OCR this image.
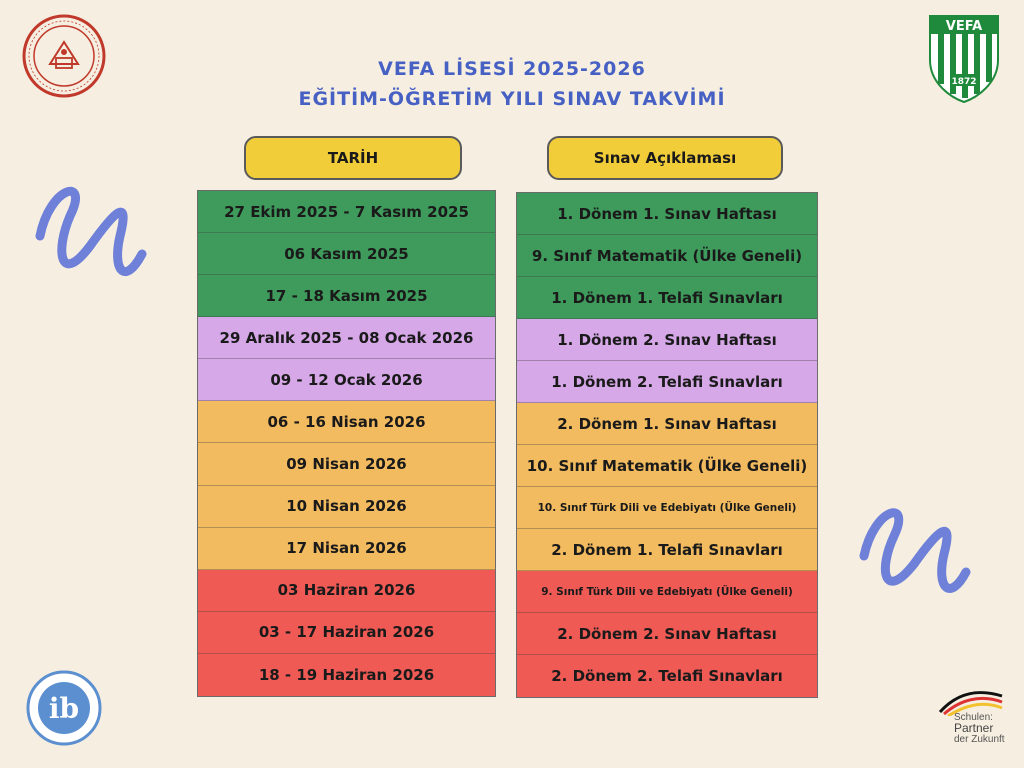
VEFA LİSESİ 2025-2026
EĞİTİM-ÖĞRETİM YILI SINAV TAKVİMİ
VEFA
1872
ib	Schulen:
Partner
der Zukunft
TARİH	Sınav Açıklaması
27 Ekim 2025 - 7 Kasım 2025
06 Kasım 2025
17 - 18 Kasım 2025
29 Aralık 2025 - 08 Ocak 2026
09 - 12 Ocak 2026
06 - 16 Nisan 2026
09 Nisan 2026
10 Nisan 2026
17 Nisan 2026
03 Haziran 2026
03 - 17 Haziran 2026
18 - 19 Haziran 2026
1. Dönem 1. Sınav Haftası
9. Sınıf Matematik (Ülke Geneli)
1. Dönem 1. Telafi Sınavları
1. Dönem 2. Sınav Haftası
1. Dönem 2. Telafi Sınavları
2. Dönem 1. Sınav Haftası
10. Sınıf Matematik (Ülke Geneli)
10. Sınıf Türk Dili ve Edebiyatı (Ülke Geneli)
2. Dönem 1. Telafi Sınavları
9. Sınıf Türk Dili ve Edebiyatı (Ülke Geneli)
2. Dönem 2. Sınav Haftası
2. Dönem 2. Telafi Sınavları
